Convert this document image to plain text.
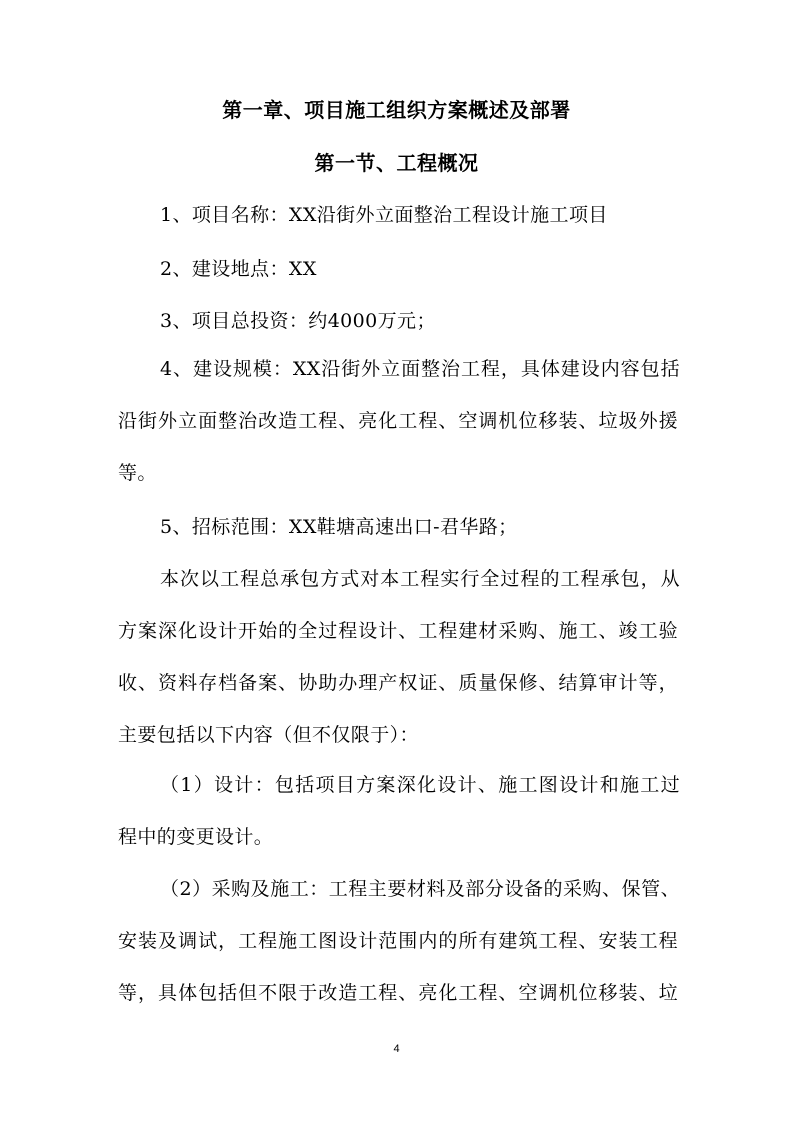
第一章、项目施工组织方案概述及部署
第一节、工程概况
1、项目名称：XX沿街外立面整治工程设计施工项目
2、建设地点：XX
3、项目总投资：约4000万元；
4、建设规模：XX沿街外立面整治工程，具体建设内容包括
沿街外立面整治改造工程、亮化工程、空调机位移装、垃圾外援
等。
5、招标范围：XX鞋塘高速出口-君华路；
本次以工程总承包方式对本工程实行全过程的工程承包，从
方案深化设计开始的全过程设计、工程建材采购、施工、竣工验
收、资料存档备案、协助办理产权证、质量保修、结算审计等，
主要包括以下内容（但不仅限于）：
（1）设计：包括项目方案深化设计、施工图设计和施工过
程中的变更设计。
（2）采购及施工：工程主要材料及部分设备的采购、保管、
安装及调试，工程施工图设计范围内的所有建筑工程、安装工程
等，具体包括但不限于改造工程、亮化工程、空调机位移装、垃
4
